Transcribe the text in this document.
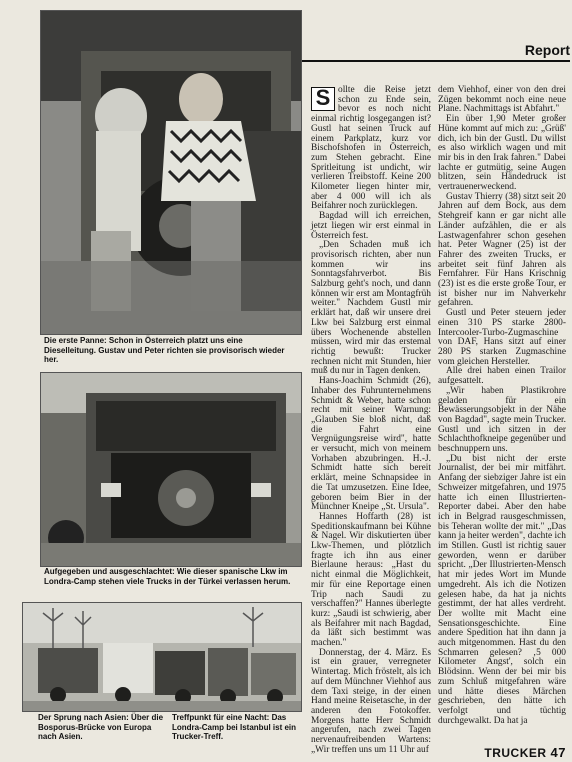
Report
Die erste Panne: Schon in Österreich platzt uns eine Dieselleitung. Gustav und Peter richten sie provisorisch wieder her.
Aufgegeben und ausgeschlachtet: Wie dieser spanische Lkw im Londra-Camp stehen viele Trucks in der Türkei verlassen herum.
Der Sprung nach Asien: Über die Bosporus-Brücke von Europa nach Asien.
Treffpunkt für eine Nacht: Das Londra-Camp bei Istanbul ist ein Trucker-Treff.
S ollte die Reise jetzt schon zu Ende sein, bevor es noch nicht einmal richtig losgegangen ist? Gustl hat seinen Truck auf einem Parkplatz, kurz vor Bischofshofen in Österreich, zum Stehen gebracht. Eine Spritleitung ist undicht, wir verlieren Treibstoff. Keine 200 Kilometer liegen hinter mir, aber 4 000 will ich als Beifahrer noch zurücklegen.

Bagdad will ich erreichen, jetzt liegen wir erst einmal in Österreich fest.

„Den Schaden muß ich provisorisch richten, aber nun kommen wir ins Sonntagsfahrverbot. Bis Salzburg geht's noch, und dann können wir erst am Montagfrüh weiter." Nachdem Gustl mir erklärt hat, daß wir unsere drei Lkw bei Salzburg erst einmal übers Wochenende abstellen müssen, wird mir das erstemal richtig bewußt: Trucker rechnen nicht mit Stunden, hier muß du nur in Tagen denken.

Hans-Joachim Schmidt (26), Inhaber des Fuhrunternehmens Schmidt & Weber, hatte schon recht mit seiner Warnung: „Glauben Sie bloß nicht, daß die Fahrt eine Vergnügungsreise wird", hatte er versucht, mich von meinem Vorhaben abzubringen. H.-J. Schmidt hatte sich bereit erklärt, meine Schnapsidee in die Tat umzusetzen. Eine Idee, geboren beim Bier in der Münchner Kneipe „St. Ursula".

Hannes Hoffarth (28) ist Speditionskaufmann bei Kühne & Nagel. Wir diskutierten über Lkw-Themen, und plötzlich fragte ich ihn aus einer Bierlaune heraus: „Hast du nicht einmal die Möglichkeit, mir für eine Reportage einen Trip nach Saudi zu verschaffen?" Hannes überlegte kurz: „Saudi ist schwierig, aber als Beifahrer mit nach Bagdad, da läßt sich bestimmt was machen."

Donnerstag, der 4. März. Es ist ein grauer, verregneter Wintertag. Mich fröstelt, als ich auf dem Münchner Viehhof aus dem Taxi steige, in der einen Hand meine Reisetasche, in der anderen den Fotokoffer. Morgens hatte Herr Schmidt angerufen, nach zwei Tagen nervenaufreibenden Wartens: „Wir treffen uns um 11 Uhr auf

dem Viehhof, einer von den drei Zügen bekommt noch eine neue Plane. Nachmittags ist Abfahrt."

Ein über 1,90 Meter großer Hüne kommt auf mich zu: „Grüß' dich, ich bin der Gustl. Du willst es also wirklich wagen und mit mir bis in den Irak fahren." Dabei lachte er gutmütig, seine Augen blitzen, sein Händedruck ist vertrauenerweckend.

Gustav Thierry (38) sitzt seit 20 Jahren auf dem Bock, aus dem Stehgreif kann er gar nicht alle Länder aufzählen, die er als Lastwagenfahrer schon gesehen hat. Peter Wagner (25) ist der Fahrer des zweiten Trucks, er arbeitet seit fünf Jahren als Fernfahrer. Für Hans Krischnig (23) ist es die erste große Tour, er ist bisher nur im Nahverkehr gefahren.

Gustl und Peter steuern jeder einen 310 PS starke 2800-Intercooler-Turbo-Zugmaschine von DAF, Hans sitzt auf einer 280 PS starken Zugmaschine vom gleichen Hersteller.

Alle drei haben einen Trailor aufgesattelt.

„Wir haben Plastikrohre geladen für ein Bewässerungsobjekt in der Nähe von Bagdad", sagte mein Trucker. Gustl und ich sitzen in der Schlachthofkneipe gegenüber und beschnuppern uns.

„Du bist nicht der erste Journalist, der bei mir mitfährt. Anfang der siebziger Jahre ist ein Schweizer mitgefahren, und 1975 hatte ich einen Illustrierten-Reporter dabei. Aber den habe ich in Belgrad rausgeschmissen, bis Teheran wollte der mit." „Das kann ja heiter werden", dachte ich im Stillen. Gustl ist richtig sauer geworden, wenn er darüber spricht. „Der Illustrierten-Mensch hat mir jedes Wort im Munde umgedreht. Als ich die Notizen gelesen habe, da hat ja nichts gestimmt, der hat alles verdreht. Der wollte mit Macht eine Sensationsgeschichte. Eine andere Spedition hat ihn dann ja auch mitgenommen. Hast du den Schmarren gelesen? ‚5 000 Kilometer Angst', solch ein Blödsinn. Wenn der bei mir bis zum Schluß mitgefahren wäre und hätte dieses Märchen geschrieben, den hätte ich verfolgt und tüchtig durchgewalkt. Da hat ja

TRUCKER 47
